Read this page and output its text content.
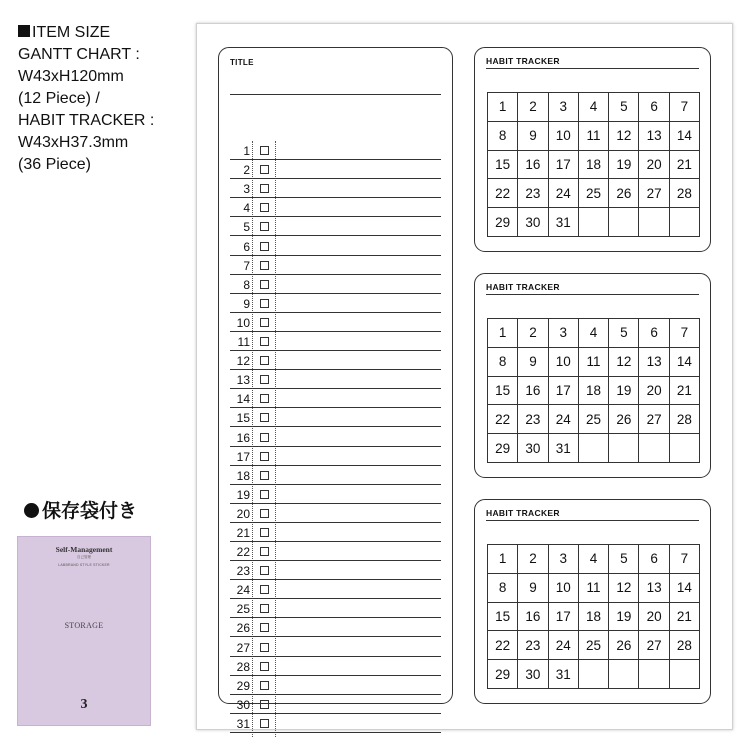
ITEM SIZE
GANTT CHART :
W43xH120mm
(12 Piece) /
HABIT TRACKER :
W43xH37.3mm
(36 Piece)
保存袋付き
Self-Management
自己管理
LABBRAND STYLE STICKER
STORAGE
3
TITLE
1
2
3
4
5
6
7
8
9
10
11
12
13
14
15
16
17
18
19
20
21
22
23
24
25
26
27
28
29
30
31
HABIT TRACKER
1	2	3	4	5	6	7
8	9	10	11	12	13	14
15	16	17	18	19	20	21
22	23	24	25	26	27	28
29	30	31				
HABIT TRACKER
1	2	3	4	5	6	7
8	9	10	11	12	13	14
15	16	17	18	19	20	21
22	23	24	25	26	27	28
29	30	31				
HABIT TRACKER
1	2	3	4	5	6	7
8	9	10	11	12	13	14
15	16	17	18	19	20	21
22	23	24	25	26	27	28
29	30	31				
